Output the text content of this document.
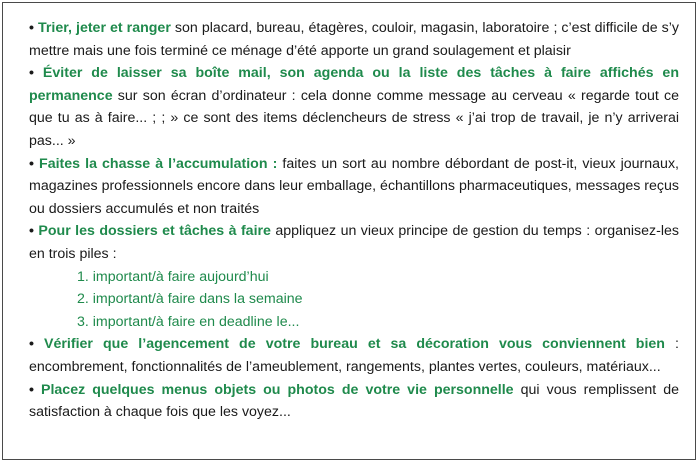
• Trier, jeter et ranger son placard, bureau, étagères, couloir, magasin, laboratoire ; c’est difficile de s’y mettre mais une fois terminé ce ménage d’été apporte un grand soulagement et plaisir
• Éviter de laisser sa boîte mail, son agenda ou la liste des tâches à faire affichés en permanence sur son écran d’ordinateur : cela donne comme message au cerveau « regarde tout ce que tu as à faire... ; ; » ce sont des items déclencheurs de stress « j’ai trop de travail, je n’y arriverai pas... »
• Faites la chasse à l’accumulation : faites un sort au nombre débordant de post-it, vieux journaux, magazines professionnels encore dans leur emballage, échantillons pharmaceutiques, messages reçus ou dossiers accumulés et non traités
• Pour les dossiers et tâches à faire appliquez un vieux principe de gestion du temps : organisez-les en trois piles :
1. important/à faire aujourd’hui
2. important/à faire dans la semaine
3. important/à faire en deadline le...
• Vérifier que l’agencement de votre bureau et sa décoration vous conviennent bien : encombrement, fonctionnalités de l’ameublement, rangements, plantes vertes, couleurs, matériaux...
• Placez quelques menus objets ou photos de votre vie personnelle qui vous remplissent de satisfaction à chaque fois que les voyez...
